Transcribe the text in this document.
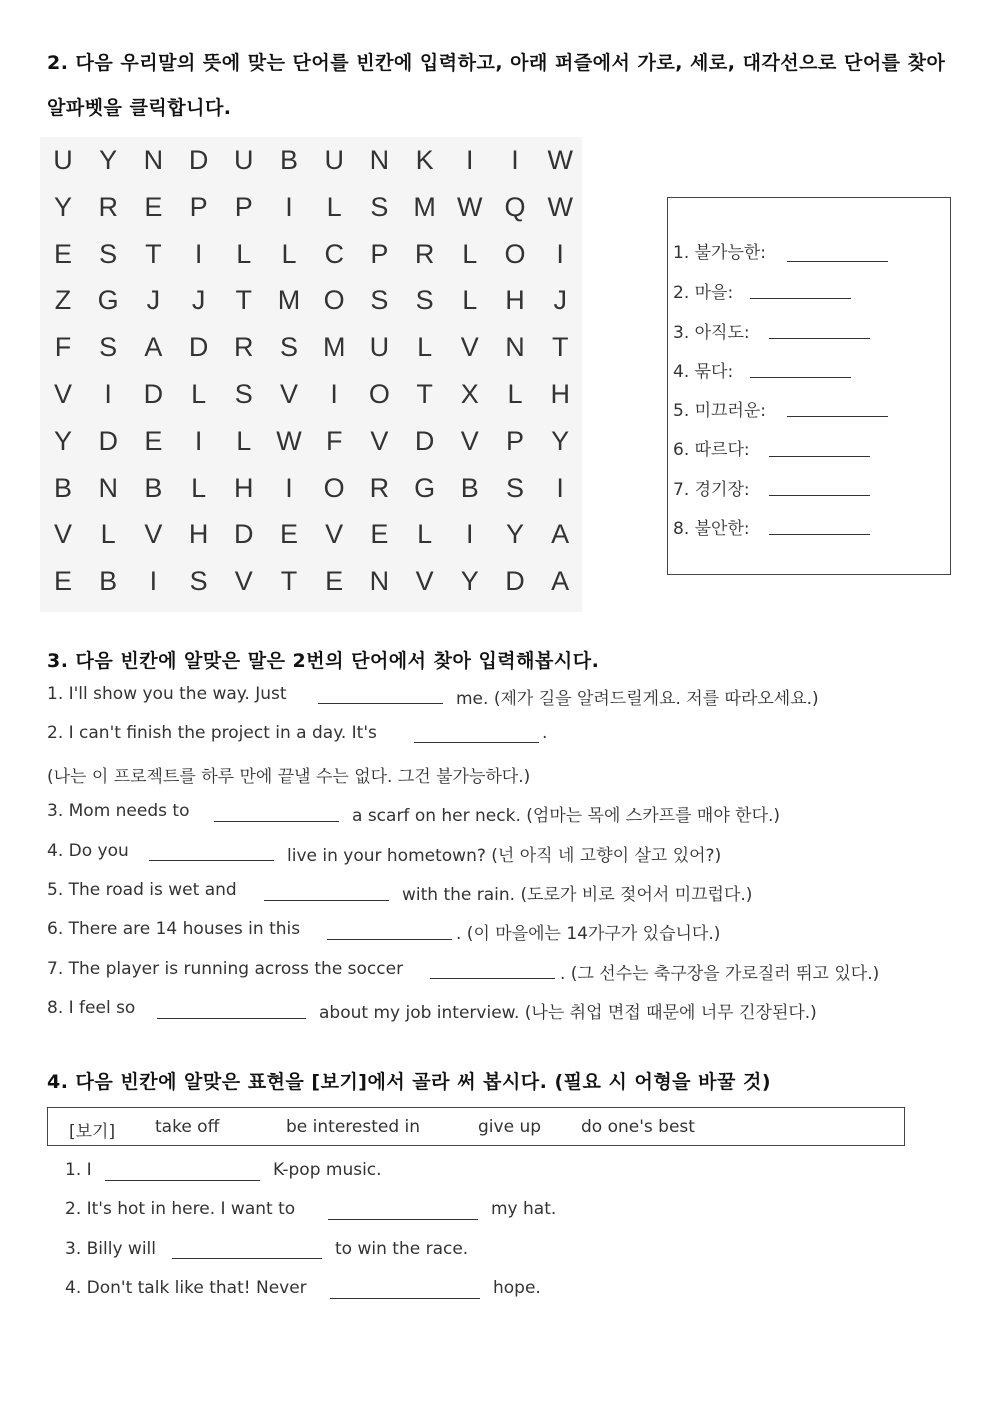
2. 다음 우리말의 뜻에 맞는 단어를 빈칸에 입력하고, 아래 퍼즐에서 가로, 세로, 대각선으로 단어를 찾아
알파벳을 클릭합니다.
U Y N D U B U N K	I	I	W
Y R E	P	P	I	L	S M W Q W
E	S	T	I	L	L	C P R	L	O	I
Z G	J	J	T M O S	S	L	H	J
F	S	A D R S M U	L	V N	T
V	I	D	L	S	V	I	O T	X	L	H
Y D E	I	L W F	V D V	P	Y
B N B	L	H	I	O R G B	S	I
V	L	V H D E	V	E	L	I	Y	A
E	B	I	S	V	T	E N V	Y D A
1. 불가능한:
2. 마을:
3. 아직도:
4. 묶다:
5. 미끄러운:
6. 따르다:
7. 경기장:
8. 불안한:
3. 다음 빈칸에 알맞은 말은 2번의 단어에서 찾아 입력해봅시다.
1. I'll show you the way. Just	me. (제가 길을 알려드릴게요. 저를 따라오세요.)
2. I can't finish the project in a day. It's	.
(나는 이 프로젝트를 하루 만에 끝낼 수는 없다. 그건 불가능하다.)
3. Mom needs to	a scarf on her neck. (엄마는 목에 스카프를 매야 한다.)
4. Do you	live in your hometown? (넌 아직 네 고향이 살고 있어?)
5. The road is wet and	with the rain. (도로가 비로 젖어서 미끄럽다.)
6. There are 14 houses in this	. (이 마을에는 14가구가 있습니다.)
7. The player is running across the soccer	. (그 선수는 축구장을 가로질러 뛰고 있다.)
8. I feel so	about my job interview. (나는 취업 면접 때문에 너무 긴장된다.)
4. 다음 빈칸에 알맞은 표현을 [보기]에서 골라 써 봅시다. (필요 시 어형을 바꿀 것)
[보기] take off	be interested in	give up do one's best
1. I	K-pop music.
2. It's hot in here. I want to	my hat.
3. Billy will	to win the race.
4. Don't talk like that! Never	hope.
